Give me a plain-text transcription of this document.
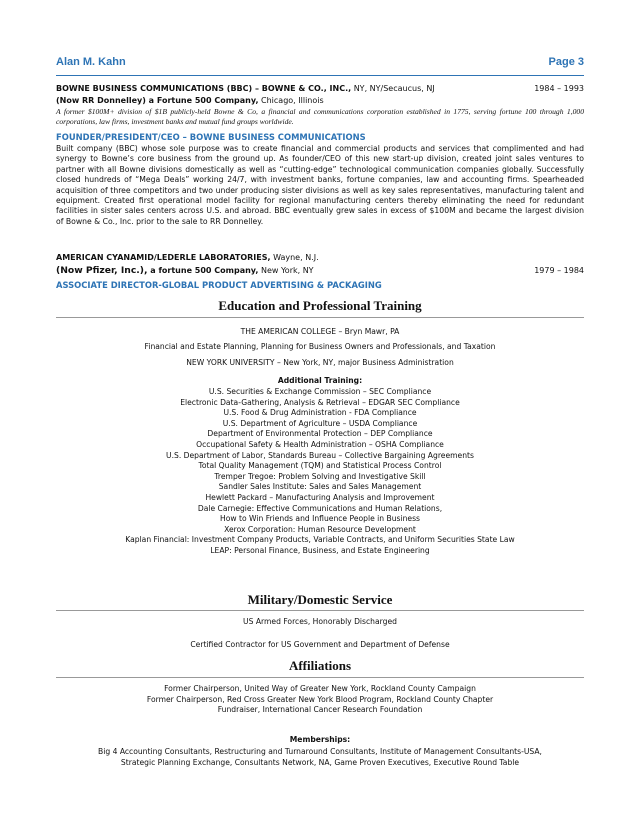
Alan M. Kahn	Page 3
BOWNE BUSINESS COMMUNICATIONS (BBC) – BOWNE & CO., INC., NY, NY/Secaucus, NJ	1984 – 1993
(Now RR Donnelley) a Fortune 500 Company, Chicago, Illinois
A former $100M+ division of $1B publicly-held Bowne & Co, a financial and communications corporation established in 1775, serving fortune 100 through 1,000 corporations, law firms, investment banks and mutual fund groups worldwide.
FOUNDER/PRESIDENT/CEO – BOWNE BUSINESS COMMUNICATIONS
Built company (BBC) whose sole purpose was to create financial and commercial products and services that complimented and had synergy to Bowne’s core business from the ground up. As founder/CEO of this new start-up division, created joint sales ventures to partner with all Bowne divisions domestically as well as “cutting-edge” technological communication companies globally. Successfully closed hundreds of “Mega Deals” working 24/7, with investment banks, fortune companies, law and accounting firms. Spearheaded acquisition of three competitors and two under producing sister divisions as well as key sales representatives, manufacturing talent and equipment. Created first operational model facility for regional manufacturing centers thereby eliminating the need for redundant facilities in sister sales centers across U.S. and abroad. BBC eventually grew sales in excess of $100M and became the largest division of Bowne & Co., Inc. prior to the sale to RR Donnelley.
AMERICAN CYANAMID/LEDERLE LABORATORIES, Wayne, N.J.
(Now Pfizer, Inc.), a fortune 500 Company, New York, NY	1979 – 1984
ASSOCIATE DIRECTOR-GLOBAL PRODUCT ADVERTISING & PACKAGING
Education and Professional Training
THE AMERICAN COLLEGE – Bryn Mawr, PA
Financial and Estate Planning, Planning for Business Owners and Professionals, and Taxation
NEW YORK UNIVERSITY – New York, NY, major Business Administration
Additional Training:
U.S. Securities & Exchange Commission – SEC Compliance
Electronic Data-Gathering, Analysis & Retrieval – EDGAR SEC Compliance
U.S. Food & Drug Administration - FDA Compliance
U.S. Department of Agriculture – USDA Compliance
Department of Environmental Protection – DEP Compliance
Occupational Safety & Health Administration – OSHA Compliance
U.S. Department of Labor, Standards Bureau – Collective Bargaining Agreements
Total Quality Management (TQM) and Statistical Process Control
Tremper Tregoe: Problem Solving and Investigative Skill
Sandler Sales Institute: Sales and Sales Management
Hewlett Packard – Manufacturing Analysis and Improvement
Dale Carnegie: Effective Communications and Human Relations,
How to Win Friends and Influence People in Business
Xerox Corporation: Human Resource Development
Kaplan Financial: Investment Company Products, Variable Contracts, and Uniform Securities State Law
LEAP: Personal Finance, Business, and Estate Engineering
Military/Domestic Service
US Armed Forces, Honorably Discharged
Certified Contractor for US Government and Department of Defense
Affiliations
Former Chairperson, United Way of Greater New York, Rockland County Campaign
Former Chairperson, Red Cross Greater New York Blood Program, Rockland County Chapter
Fundraiser, International Cancer Research Foundation
Memberships:
Big 4 Accounting Consultants, Restructuring and Turnaround Consultants, Institute of Management Consultants-USA,
Strategic Planning Exchange, Consultants Network, NA, Game Proven Executives, Executive Round Table
